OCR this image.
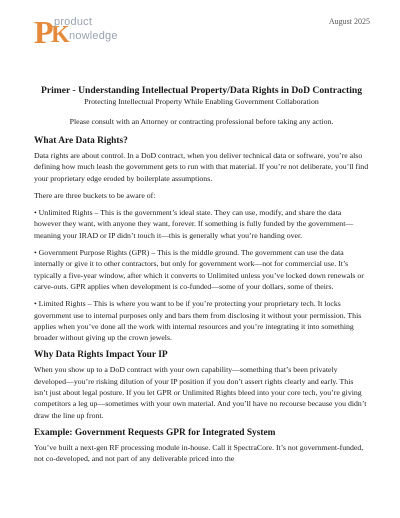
P K
product
nowledge
August 2025

Primer - Understanding Intellectual Property/Data Rights in DoD Contracting

Protecting Intellectual Property While Enabling Government Collaboration

Please consult with an Attorney or contracting professional before taking any action.

What Are Data Rights?

Data rights are about control. In a DoD contract, when you deliver technical data or software, you’re also defining how much leash the government gets to run with that material. If you’re not deliberate, you’ll find your proprietary edge eroded by boilerplate assumptions.

There are three buckets to be aware of:

• Unlimited Rights – This is the government’s ideal state. They can use, modify, and share the data however they want, with anyone they want, forever. If something is fully funded by the government—meaning your IRAD or IP didn’t touch it—this is generally what you’re handing over.

• Government Purpose Rights (GPR) – This is the middle ground. The government can use the data internally or give it to other contractors, but only for government work—not for commercial use. It’s typically a five-year window, after which it converts to Unlimited unless you’ve locked down renewals or carve-outs. GPR applies when development is co-funded—some of your dollars, some of theirs.

• Limited Rights – This is where you want to be if you’re protecting your proprietary tech. It locks government use to internal purposes only and bars them from disclosing it without your permission. This applies when you’ve done all the work with internal resources and you’re integrating it into something broader without giving up the crown jewels.

Why Data Rights Impact Your IP

When you show up to a DoD contract with your own capability—something that’s been privately developed—you’re risking dilution of your IP position if you don’t assert rights clearly and early. This isn’t just about legal posture. If you let GPR or Unlimited Rights bleed into your core tech, you’re giving competitors a leg up—sometimes with your own material. And you’ll have no recourse because you didn’t draw the line up front.

Example: Government Requests GPR for Integrated System

You’ve built a next-gen RF processing module in-house. Call it SpectraCore. It’s not government-funded, not co-developed, and not part of any deliverable priced into the
